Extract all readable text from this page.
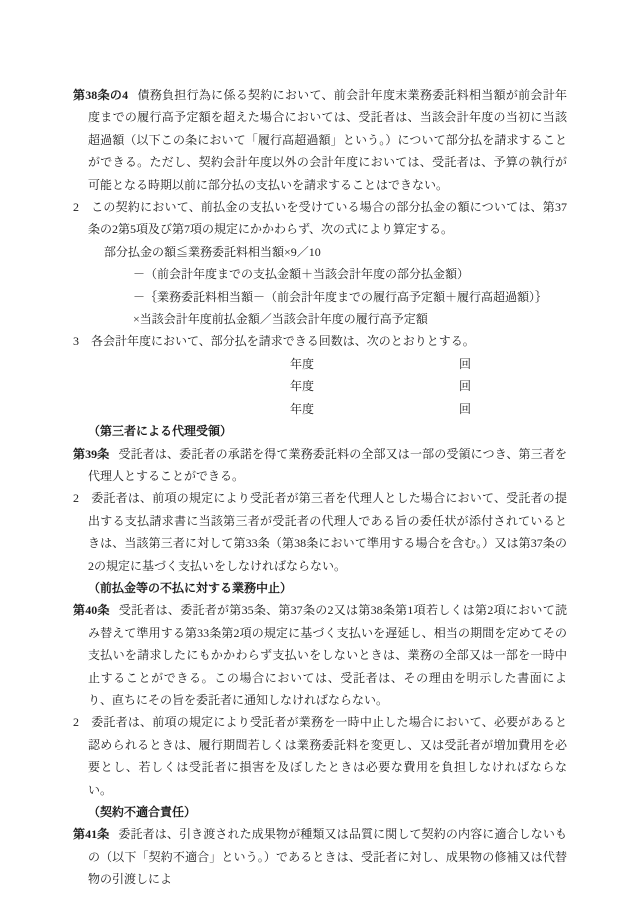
第38条の4 債務負担行為に係る契約において、前会計年度末業務委託料相当額が前会計年度までの履行高予定額を超えた場合においては、受託者は、当該会計年度の当初に当該超過額（以下この条において「履行高超過額」という。）について部分払を請求することができる。ただし、契約会計年度以外の会計年度においては、受託者は、予算の執行が可能となる時期以前に部分払の支払いを請求することはできない。

2 この契約において、前払金の支払いを受けている場合の部分払金の額については、第37条の2第5項及び第7項の規定にかかわらず、次の式により算定する。

部分払金の額≦業務委託料相当額×9／10
－（前会計年度までの支払金額＋当該会計年度の部分払金額）
－｛業務委託料相当額－（前会計年度までの履行高予定額＋履行高超過額）｝
×当該会計年度前払金額／当該会計年度の履行高予定額

3 各会計年度において、部分払を請求できる回数は、次のとおりとする。

年度	回
年度	回
年度	回

（第三者による代理受領）

第39条 受託者は、委託者の承諾を得て業務委託料の全部又は一部の受領につき、第三者を代理人とすることができる。

2 委託者は、前項の規定により受託者が第三者を代理人とした場合において、受託者の提出する支払請求書に当該第三者が受託者の代理人である旨の委任状が添付されているときは、当該第三者に対して第33条（第38条において準用する場合を含む。）又は第37条の2の規定に基づく支払いをしなければならない。

（前払金等の不払に対する業務中止）

第40条 受託者は、委託者が第35条、第37条の2又は第38条第1項若しくは第2項において読み替えて準用する第33条第2項の規定に基づく支払いを遅延し、相当の期間を定めてその支払いを請求したにもかかわらず支払いをしないときは、業務の全部又は一部を一時中止することができる。この場合においては、受託者は、その理由を明示した書面により、直ちにその旨を委託者に通知しなければならない。

2 委託者は、前項の規定により受託者が業務を一時中止した場合において、必要があると認められるときは、履行期間若しくは業務委託料を変更し、又は受託者が増加費用を必要とし、若しくは受託者に損害を及ぼしたときは必要な費用を負担しなければならない。

（契約不適合責任）

第41条 委託者は、引き渡された成果物が種類又は品質に関して契約の内容に適合しないもの（以下「契約不適合」という。）であるときは、受託者に対し、成果物の修補又は代替物の引渡しによ
